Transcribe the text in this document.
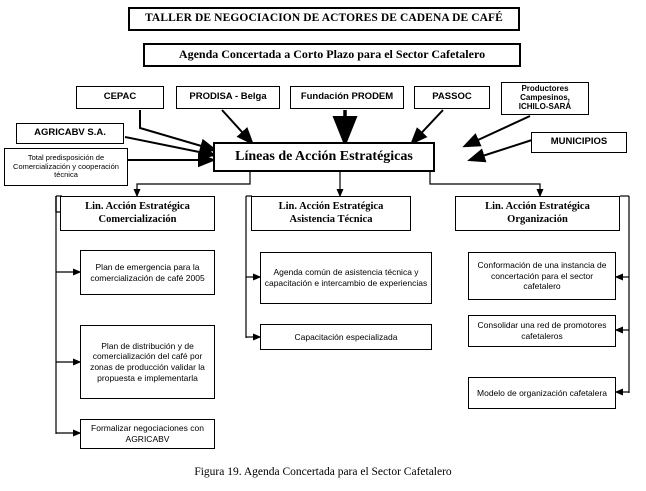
TALLER DE NEGOCIACION DE ACTORES DE CADENA DE CAFÉ
Agenda Concertada a Corto Plazo para el Sector Cafetalero
CEPAC	PRODISA - Belga	Fundación PRODEM	PASSOC
Productores Campesinos, ICHILO-SARÁ
AGRICABV S.A.
MUNICIPIOS
Total predisposición de Comercialización y cooperación técnica
Líneas de Acción Estratégicas
Lin. Acción Estratégica Comercialización
Lin. Acción Estratégica Asistencia Técnica
Lin. Acción Estratégica Organización
Plan de emergencia para la comercialización de café 2005
Plan de distribución y de comercialización del café por zonas de producción validar la propuesta e implementarla
Formalizar negociaciones con AGRICABV
Agenda común de asistencia técnica y capacitación e intercambio de experiencias
Capacitación especializada
Conformación de una instancia de concertación para el sector cafetalero
Consolidar una red de promotores cafetaleros
Modelo de organización cafetalera
Figura 19. Agenda Concertada para el Sector Cafetalero
